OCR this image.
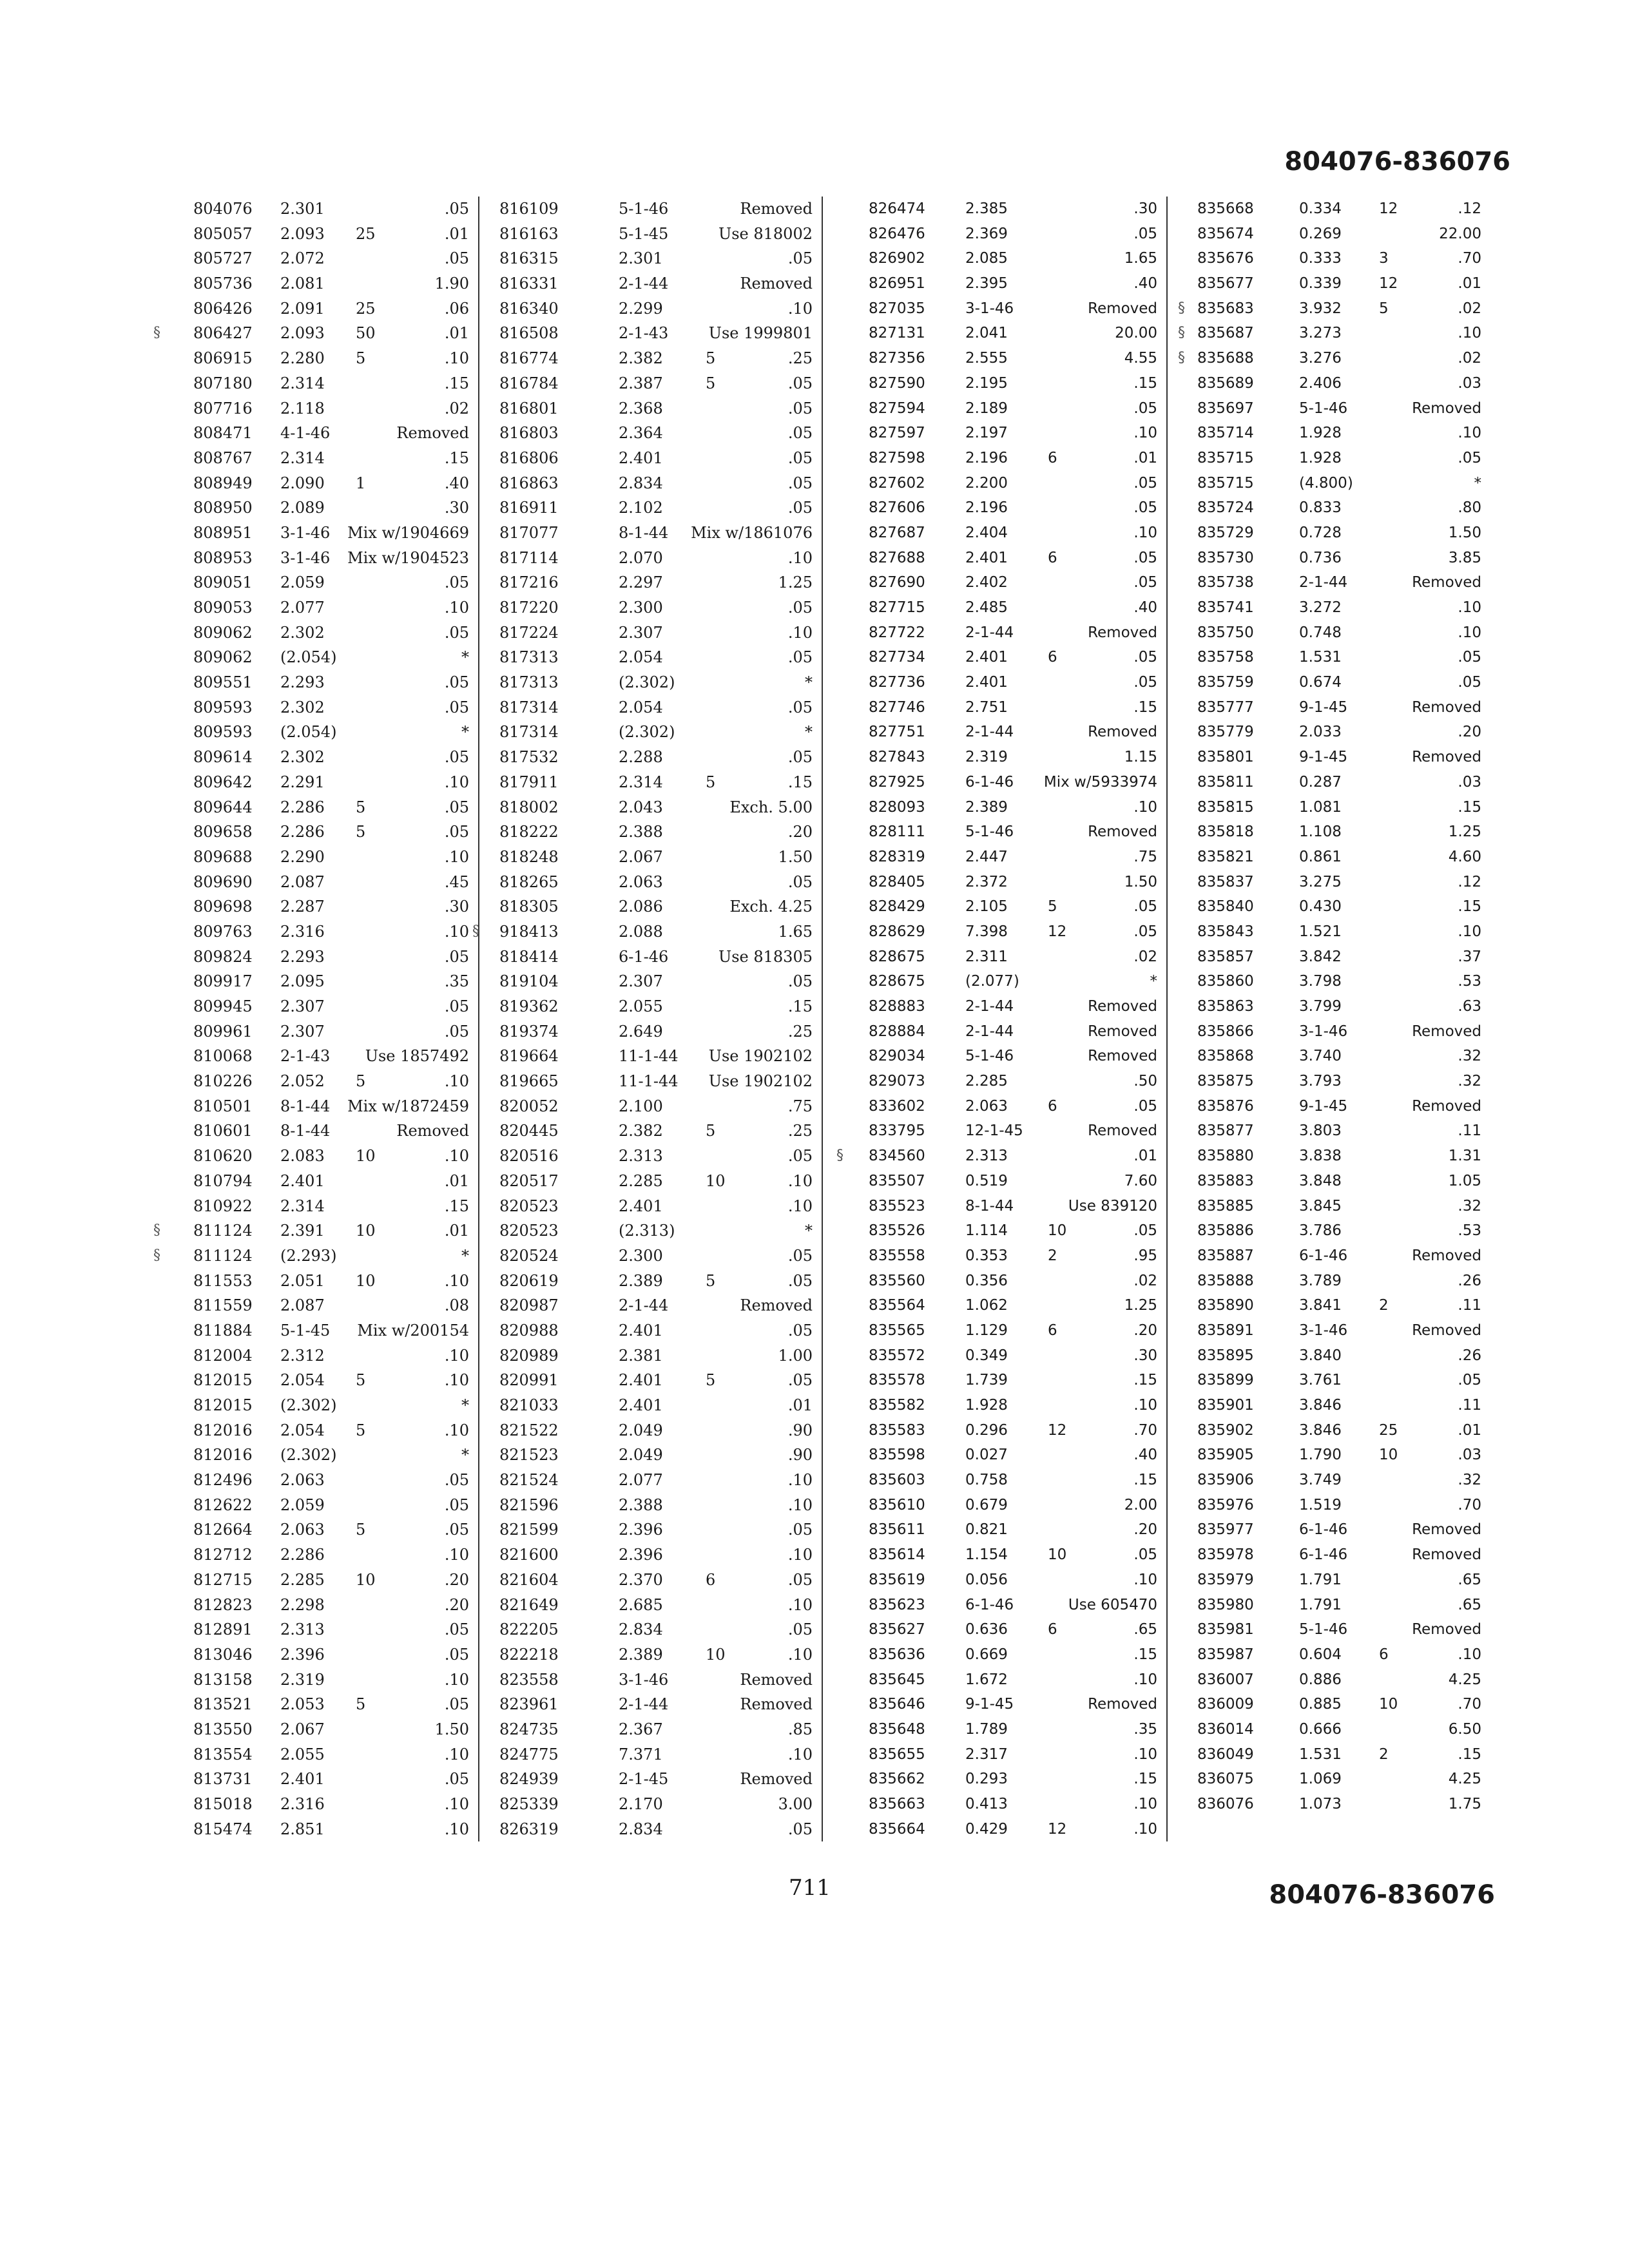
804076-836076
804076 2.301	.05
805057 2.093 25	.01
805727 2.072	.05
805736 2.081	1.90
806426 2.091 25	.06
§ 806427 2.093 50	.01
806915 2.280 5	.10
807180 2.314	.15
807716 2.118	.02
808471 4-1-46	Removed
808767 2.314	.15
808949 2.090 1	.40
808950 2.089	.30
808951 3-1-46 Mix w/1904669
808953 3-1-46 Mix w/1904523
809051 2.059	.05
809053 2.077	.10
809062 2.302	.05
809062 (2.054)	*
809551 2.293	.05
809593 2.302	.05
809593 (2.054)	*
809614 2.302	.05
809642 2.291	.10
809644 2.286 5	.05
809658 2.286 5	.05
809688 2.290	.10
809690 2.087	.45
809698 2.287	.30
809763 2.316	.10
809824 2.293	.05
809917 2.095	.35
809945 2.307	.05
809961 2.307	.05
810068 2-1-43 Use 1857492
810226 2.052 5	.10
810501 8-1-44 Mix w/1872459
810601 8-1-44	Removed
810620 2.083 10	.10
810794 2.401	.01
810922 2.314	.15
§ 811124 2.391 10	.01
§ 811124 (2.293)	*
811553 2.051 10	.10
811559 2.087	.08
811884 5-1-45 Mix w/200154
812004 2.312	.10
812015 2.054 5	.10
812015 (2.302)	*
812016 2.054 5	.10
812016 (2.302)	*
812496 2.063	.05
812622 2.059	.05
812664 2.063 5	.05
812712 2.286	.10
812715 2.285 10	.20
812823 2.298	.20
812891 2.313	.05
813046 2.396	.05
813158 2.319	.10
813521 2.053 5	.05
813550 2.067	1.50
813554 2.055	.10
813731 2.401	.05
815018 2.316	.10
815474 2.851	.10
816109	5-1-46	Removed
816163	5-1-45	Use 818002
816315	2.301	.05
816331	2-1-44	Removed
816340	2.299	.10
816508	2-1-43	Use 1999801
816774	2.382	5	.25
816784	2.387	5	.05
816801	2.368	.05
816803	2.364	.05
816806	2.401	.05
816863	2.834	.05
816911	2.102	.05
817077	8-1-44 Mix w/1861076
817114	2.070	.10
817216	2.297	1.25
817220	2.300	.05
817224	2.307	.10
817313	2.054	.05
817313	(2.302)	*
817314	2.054	.05
817314	(2.302)	*
817532	2.288	.05
817911	2.314	5	.15
818002	2.043	Exch. 5.00
818222	2.388	.20
818248	2.067	1.50
818265	2.063	.05
818305	2.086	Exch. 4.25
§ 918413	2.088	1.65
818414	6-1-46	Use 818305
819104	2.307	.05
819362	2.055	.15
819374	2.649	.25
819664	11-1-44 Use 1902102
819665	11-1-44 Use 1902102
820052	2.100	.75
820445	2.382	5	.25
820516	2.313	.05
820517	2.285	10	.10
820523	2.401	.10
820523	(2.313)	*
820524	2.300	.05
820619	2.389	5	.05
820987	2-1-44	Removed
820988	2.401	.05
820989	2.381	1.00
820991	2.401	5	.05
821033	2.401	.01
821522	2.049	.90
821523	2.049	.90
821524	2.077	.10
821596	2.388	.10
821599	2.396	.05
821600	2.396	.10
821604	2.370	6	.05
821649	2.685	.10
822205	2.834	.05
822218	2.389	10	.10
823558	3-1-46	Removed
823961	2-1-44	Removed
824735	2.367	.85
824775	7.371	.10
824939	2-1-45	Removed
825339	2.170	3.00
826319	2.834	.05
826474	2.385	.30
826476	2.369	.05
826902	2.085	1.65
826951	2.395	.40
827035	3-1-46	Removed
827131	2.041	20.00
827356	2.555	4.55
827590	2.195	.15
827594	2.189	.05
827597	2.197	.10
827598	2.196	6	.01
827602	2.200	.05
827606	2.196	.05
827687	2.404	.10
827688	2.401	6	.05
827690	2.402	.05
827715	2.485	.40
827722	2-1-44	Removed
827734	2.401	6	.05
827736	2.401	.05
827746	2.751	.15
827751	2-1-44	Removed
827843	2.319	1.15
827925	6-1-46 Mix w/5933974
828093	2.389	.10
828111	5-1-46	Removed
828319	2.447	.75
828405	2.372	1.50
828429	2.105	5	.05
828629	7.398	12	.05
828675	2.311	.02
828675	(2.077)	*
828883	2-1-44	Removed
828884	2-1-44	Removed
829034	5-1-46	Removed
829073	2.285	.50
833602	2.063	6	.05
833795	12-1-45	Removed
§ 834560	2.313	.01
835507	0.519	7.60
835523	8-1-44	Use 839120
835526	1.114	10	.05
835558	0.353	2	.95
835560	0.356	.02
835564	1.062	1.25
835565	1.129	6	.20
835572	0.349	.30
835578	1.739	.15
835582	1.928	.10
835583	0.296	12	.70
835598	0.027	.40
835603	0.758	.15
835610	0.679	2.00
835611	0.821	.20
835614	1.154	10	.05
835619	0.056	.10
835623	6-1-46	Use 605470
835627	0.636	6	.65
835636	0.669	.15
835645	1.672	.10
835646	9-1-45	Removed
835648	1.789	.35
835655	2.317	.10
835662	0.293	.15
835663	0.413	.10
835664	0.429	12	.10
835668	0.334	12	.12
835674	0.269	22.00
835676	0.333	3	.70
835677	0.339	12	.01
§ 835683	3.932	5	.02
§ 835687	3.273	.10
§ 835688	3.276	.02
835689	2.406	.03
835697	5-1-46	Removed
835714	1.928	.10
835715	1.928	.05
835715	(4.800)	*
835724	0.833	.80
835729	0.728	1.50
835730	0.736	3.85
835738	2-1-44	Removed
835741	3.272	.10
835750	0.748	.10
835758	1.531	.05
835759	0.674	.05
835777	9-1-45	Removed
835779	2.033	.20
835801	9-1-45	Removed
835811	0.287	.03
835815	1.081	.15
835818	1.108	1.25
835821	0.861	4.60
835837	3.275	.12
835840	0.430	.15
835843	1.521	.10
835857	3.842	.37
835860	3.798	.53
835863	3.799	.63
835866	3-1-46	Removed
835868	3.740	.32
835875	3.793	.32
835876	9-1-45	Removed
835877	3.803	.11
835880	3.838	1.31
835883	3.848	1.05
835885	3.845	.32
835886	3.786	.53
835887	6-1-46	Removed
835888	3.789	.26
835890	3.841	2	.11
835891	3-1-46	Removed
835895	3.840	.26
835899	3.761	.05
835901	3.846	.11
835902	3.846	25	.01
835905	1.790	10	.03
835906	3.749	.32
835976	1.519	.70
835977	6-1-46	Removed
835978	6-1-46	Removed
835979	1.791	.65
835980	1.791	.65
835981	5-1-46	Removed
835987	0.604	6	.10
836007	0.886	4.25
836009	0.885	10	.70
836014	0.666	6.50
836049	1.531	2	.15
836075	1.069	4.25
836076	1.073	1.75
711	804076-836076
